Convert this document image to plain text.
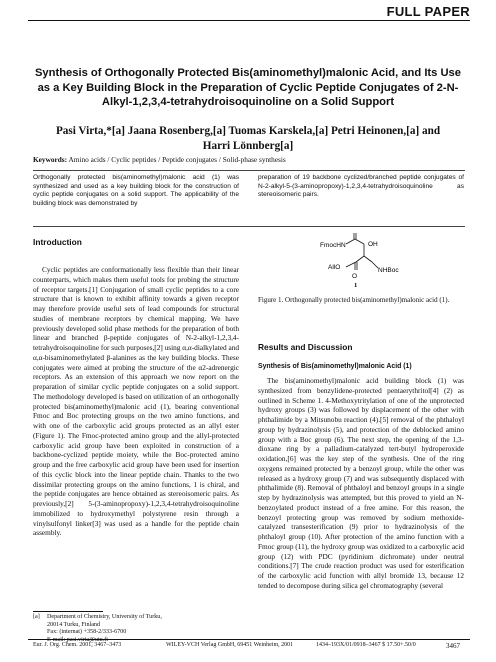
FULL PAPER
Synthesis of Orthogonally Protected Bis(aminomethyl)malonic Acid, and Its Use as a Key Building Block in the Preparation of Cyclic Peptide Conjugates of 2-N-Alkyl-1,2,3,4-tetrahydroisoquinoline on a Solid Support
Pasi Virta,*[a] Jaana Rosenberg,[a] Tuomas Karskela,[a] Petri Heinonen,[a] and
Harri Lönnberg[a]
Keywords: Amino acids / Cyclic peptides / Peptide conjugates / Solid-phase synthesis
Orthogonally protected bis(aminomethyl)malonic acid (1) was synthesized and used as a key building block for the construction of cyclic peptide conjugates on a solid support. The applicability of the building block was demonstrated by
preparation of 19 backbone cyclized/branched peptide conjugates of N-2-alkyl-5-(3-aminopropoxy)-1,2,3,4-tetrahydroisoquinoline as stereoisomeric pairs.
Introduction

Cyclic peptides are conformationally less flexible than their linear counterparts, which makes them useful tools for probing the structure of receptor targets.[1] Conjugation of small cyclic peptides to a core structure that is known to exhibit affinity towards a given receptor may therefore provide useful sets of lead compounds for structural studies of membrane receptors by chemical mapping. We have previously developed solid phase methods for the preparation of both linear and branched β-peptide conjugates of N-2-alkyl-1,2,3,4-tetrahydroisoquinoline for such purposes,[2] using α,α-dialkylated and α,α-bisaminomethylated β-alanines as the key building blocks. These conjugates were aimed at probing the structure of the α2-adrenergic receptors. As an extension of this approach we now report on the preparation of similar cyclic peptide conjugates on a solid support. The methodology developed is based on utilization of an orthogonally protected bis(aminomethyl)malonic acid (1), bearing conventional Fmoc and Boc protecting groups on the two amino functions, and with one of the carboxylic acid groups protected as an allyl ester (Figure 1). The Fmoc-protected amino group and the allyl-protected carboxylic acid group have been exploited in construction of a backbone-cyclized peptide moiety, while the Boc-protected amino group and the free carboxylic acid group have been used for insertion of this cyclic block into the linear peptide chain. Thanks to the two dissimilar protecting groups on the amino functions, 1 is chiral, and the peptide conjugates are hence obtained as stereoisomeric pairs. As previously,[2] 5-(3-aminopropoxy)-1,2,3,4-tetrahydroisoquinoline immobilized to hydroxymethyl polystyrene resin through a vinylsulfonyl linker[3] was used as a handle for the peptide chain assembly.

[a] Department of Chemistry, University of Turku,
20014 Turku, Finland
Fax: (internat) +358-2/333-6700
E-mail: pasi.virta@utu.fi
FmocHN	OH
AllO	NHBoc
O
1
Figure 1. Orthogonally protected bis(aminomethyl)malonic acid (1).
Results and Discussion
Synthesis of Bis(aminomethyl)malonic Acid (1)

The bis(aminomethyl)malonic acid building block (1) was synthesized from benzylidene-protected pentaerythritol[4] (2) as outlined in Scheme 1. 4-Methoxytritylation of one of the unprotected hydroxy groups (3) was followed by displacement of the other with phthalimide by a Mitsunobu reaction (4).[5] removal of the phthaloyl group by hydrazinolysis (5), and protection of the deblocked amino group with a Boc group (6). The next step, the opening of the 1,3-dioxane ring by a palladium-catalyzed tert-butyl hydroperoxide oxidation,[6] was the key step of the synthesis. One of the ring oxygens remained protected by a benzoyl group, while the other was released as a hydroxy group (7) and was subsequently displaced with phthalimide (8). Removal of phthaloyl and benzoyl groups in a single step by hydrazinolysis was attempted, but this proved to yield an N-benzoylated product instead of a free amine. For this reason, the benzoyl protecting group was removed by sodium methoxide-catalyzed transesterification (9) prior to hydrazinolysis of the phthaloyl group (10). After protection of the amino function with a Fmoc group (11), the hydroxy group was oxidized to a carboxylic acid group (12) with PDC (pyridinium dichromate) under neutral conditions.[7] The crude reaction product was used for esterification of the carboxylic acid function with allyl bromide 13, because 12 tended to decompose during silica gel chromatography (several

Eur. J. Org. Chem. 2001, 3467–3473	WILEY-VCH Verlag GmbH, 69451 Weinheim, 2001	1434–193X/01/0918–3467 $ 17.50+.50/0	3467
